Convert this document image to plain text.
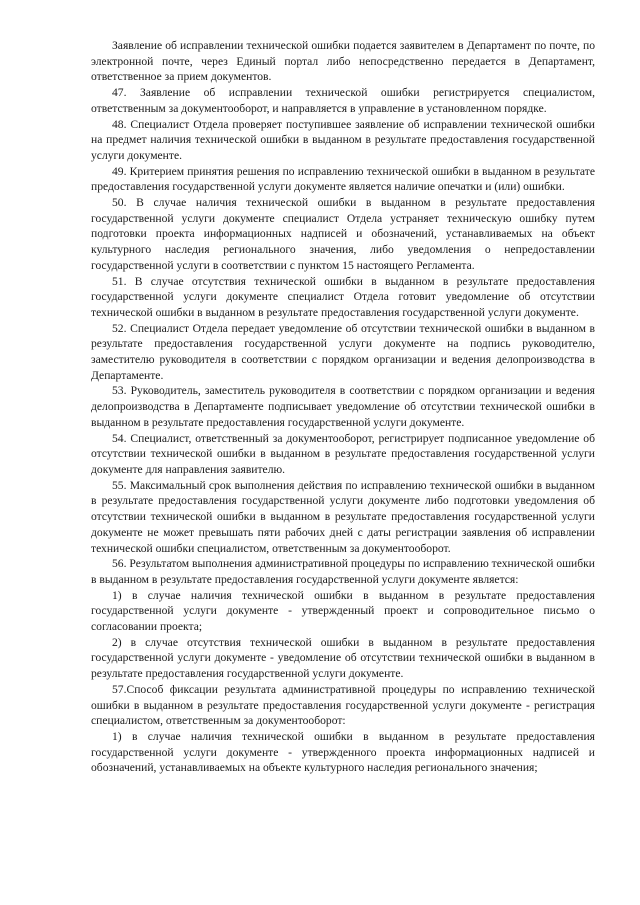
Заявление об исправлении технической ошибки подается заявителем в Департамент по почте, по электронной почте, через Единый портал либо непосредственно передается в Департамент, ответственное за прием документов.

47. Заявление об исправлении технической ошибки регистрируется специалистом, ответственным за документооборот, и направляется в управление в установленном порядке.

48. Специалист Отдела проверяет поступившее заявление об исправлении технической ошибки на предмет наличия технической ошибки в выданном в результате предоставления государственной услуги документе.

49. Критерием принятия решения по исправлению технической ошибки в выданном в результате предоставления государственной услуги документе является наличие опечатки и (или) ошибки.

50. В случае наличия технической ошибки в выданном в результате предоставления государственной услуги документе специалист Отдела устраняет техническую ошибку путем подготовки проекта информационных надписей и обозначений, устанавливаемых на объект культурного наследия регионального значения, либо уведомления о непредоставлении государственной услуги в соответствии с пунктом 15 настоящего Регламента.

51. В случае отсутствия технической ошибки в выданном в результате предоставления государственной услуги документе специалист Отдела готовит уведомление об отсутствии технической ошибки в выданном в результате предоставления государственной услуги документе.

52. Специалист Отдела передает уведомление об отсутствии технической ошибки в выданном в результате предоставления государственной услуги документе на подпись руководителю, заместителю руководителя в соответствии с порядком организации и ведения делопроизводства в Департаменте.

53. Руководитель, заместитель руководителя в соответствии с порядком организации и ведения делопроизводства в Департаменте подписывает уведомление об отсутствии технической ошибки в выданном в результате предоставления государственной услуги документе.

54. Специалист, ответственный за документооборот, регистрирует подписанное уведомление об отсутствии технической ошибки в выданном в результате предоставления государственной услуги документе для направления заявителю.

55. Максимальный срок выполнения действия по исправлению технической ошибки в выданном в результате предоставления государственной услуги документе либо подготовки уведомления об отсутствии технической ошибки в выданном в результате предоставления государственной услуги документе не может превышать пяти рабочих дней с даты регистрации заявления об исправлении технической ошибки специалистом, ответственным за документооборот.

56. Результатом выполнения административной процедуры по исправлению технической ошибки в выданном в результате предоставления государственной услуги документе является:

1) в случае наличия технической ошибки в выданном в результате предоставления государственной услуги документе - утвержденный проект и сопроводительное письмо о согласовании проекта;

2) в случае отсутствия технической ошибки в выданном в результате предоставления государственной услуги документе - уведомление об отсутствии технической ошибки в выданном в результате предоставления государственной услуги документе.

57.Способ фиксации результата административной процедуры по исправлению технической ошибки в выданном в результате предоставления государственной услуги документе - регистрация специалистом, ответственным за документооборот:

1) в случае наличия технической ошибки в выданном в результате предоставления государственной услуги документе - утвержденного проекта информационных надписей и обозначений, устанавливаемых на объекте культурного наследия регионального значения;
